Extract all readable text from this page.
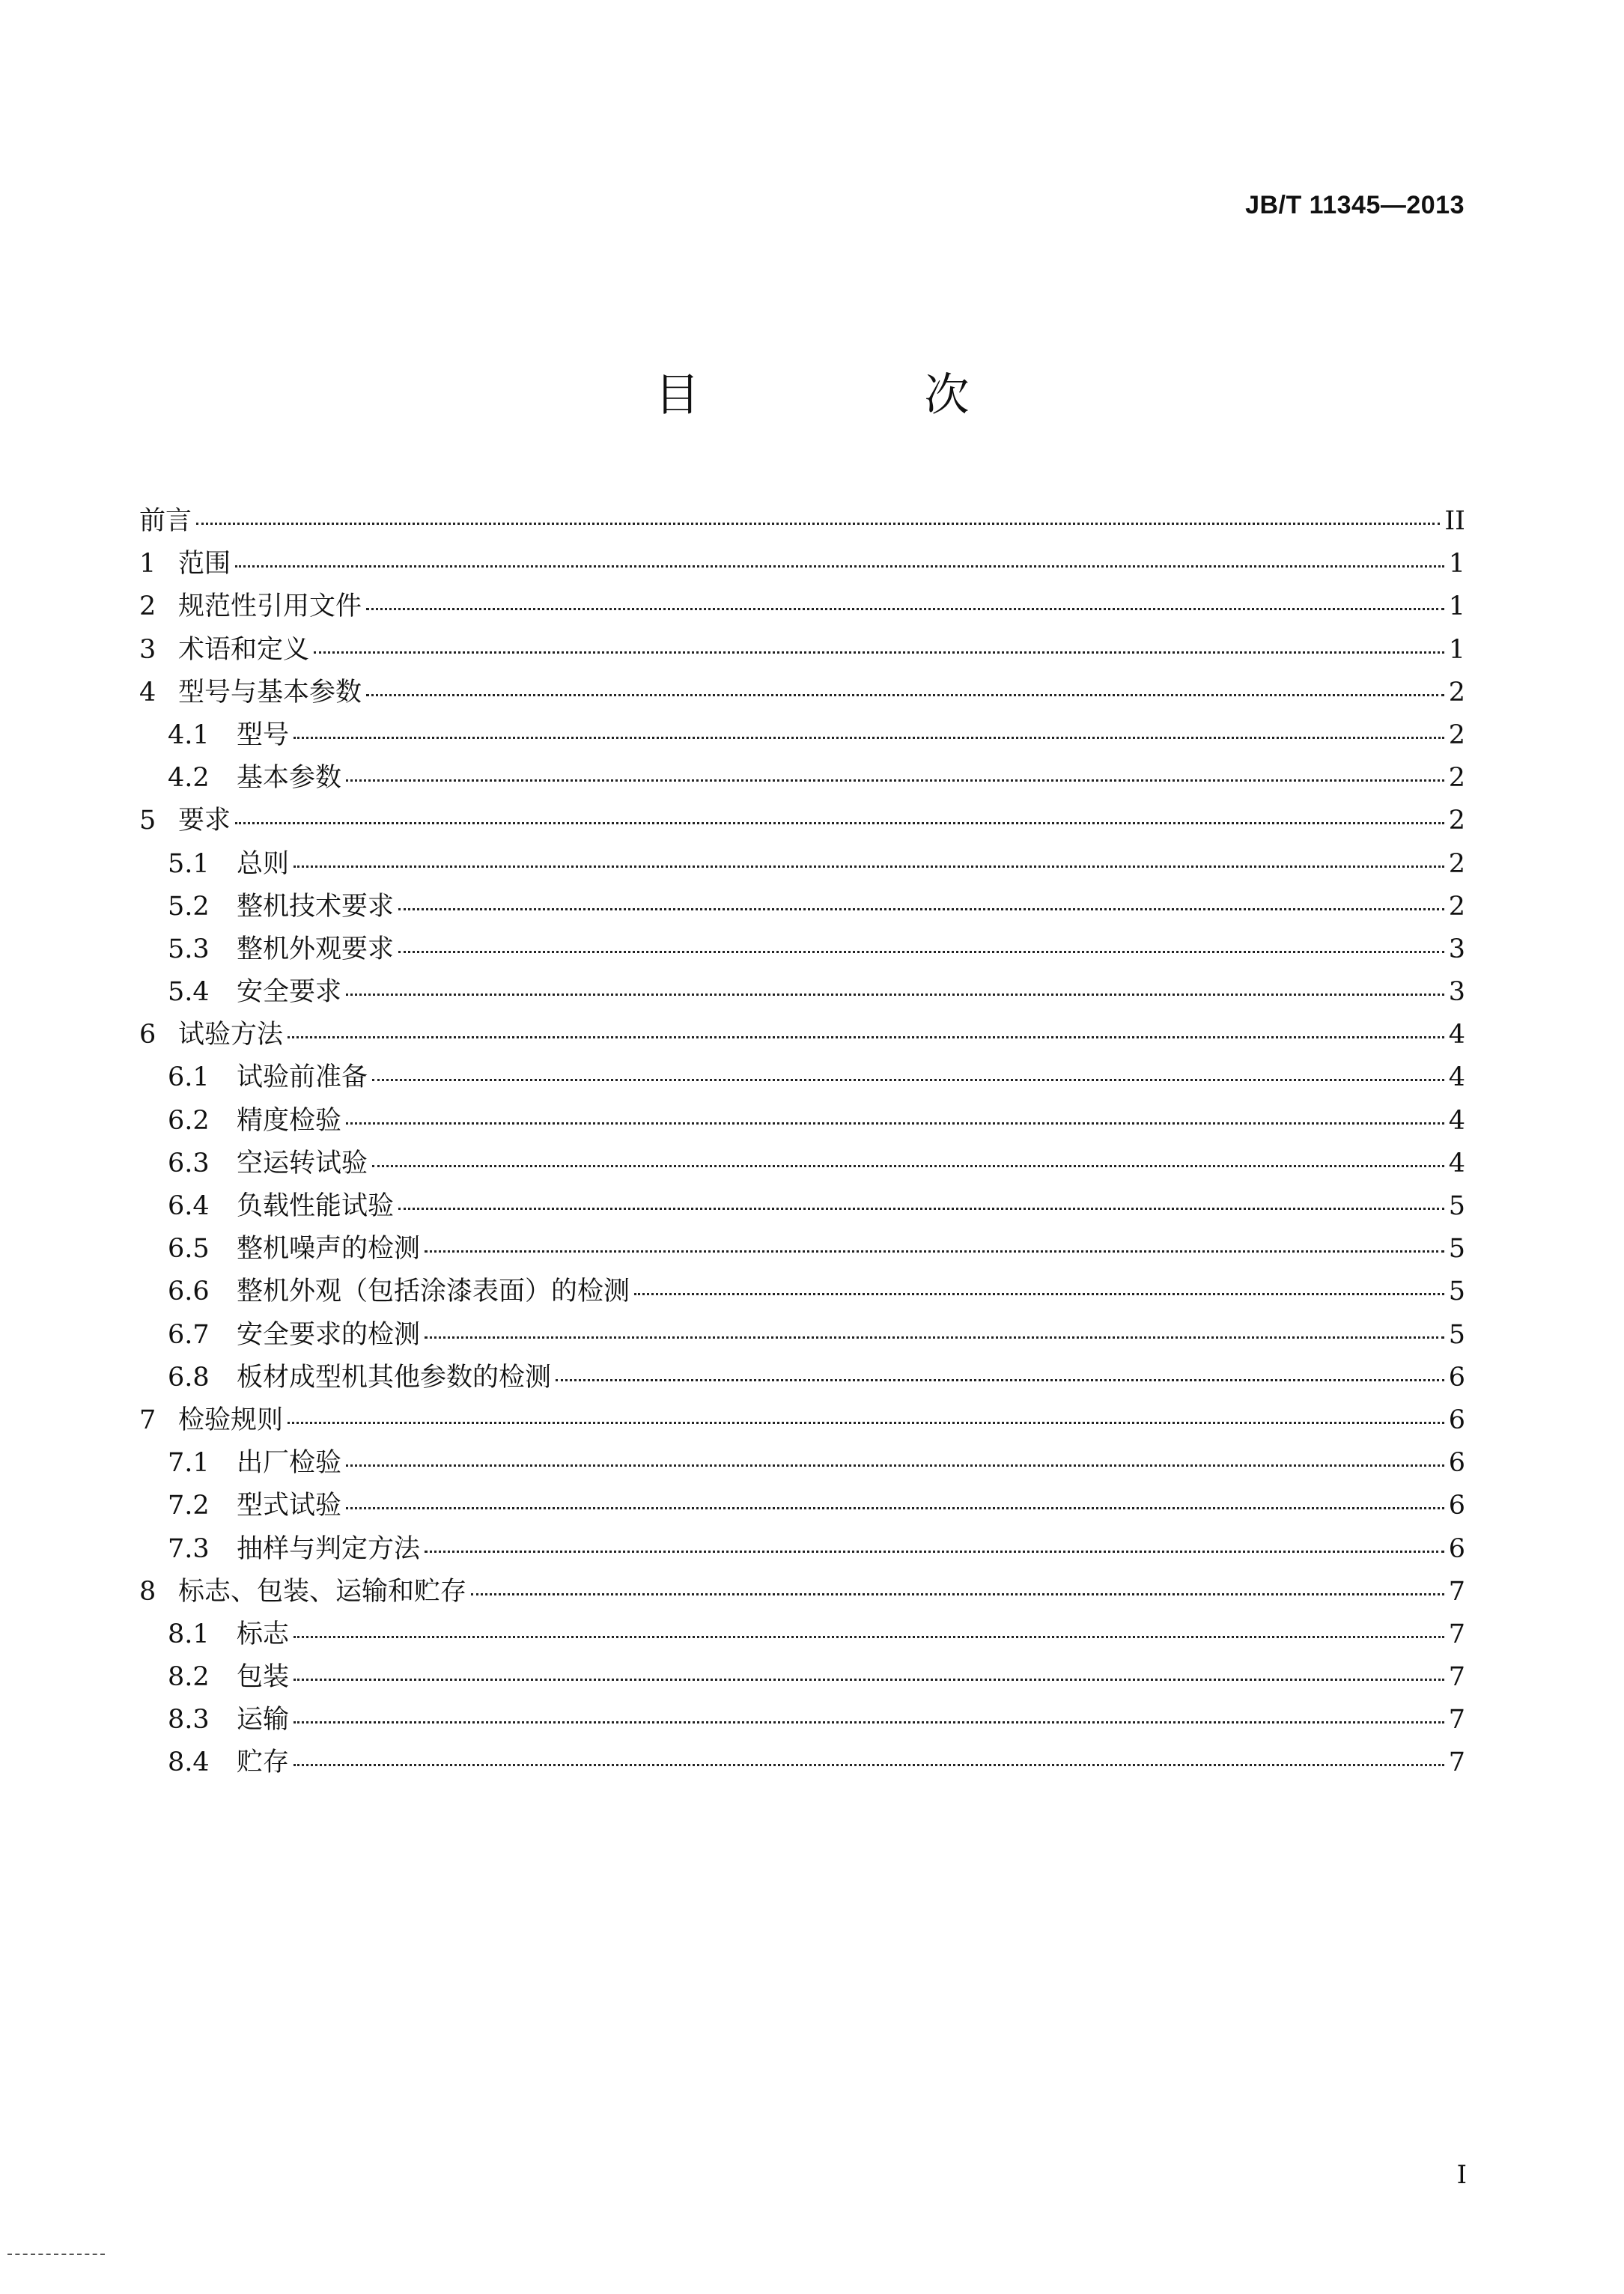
JB/T 11345—2013
目　次
前言	II
1 范围	1
2 规范性引用文件	1
3 术语和定义	1
4 型号与基本参数	2
4.1	型号	2
4.2	基本参数	2
5 要求	2
5.1	总则	2
5.2	整机技术要求	2
5.3	整机外观要求	3
5.4	安全要求	3
6 试验方法	4
6.1	试验前准备	4
6.2	精度检验	4
6.3	空运转试验	4
6.4	负载性能试验	5
6.5	整机噪声的检测	5
6.6	整机外观（包括涂漆表面）的检测	5
6.7	安全要求的检测	5
6.8	板材成型机其他参数的检测	6
7 检验规则	6
7.1	出厂检验	6
7.2	型式试验	6
7.3	抽样与判定方法	6
8 标志、包装、运输和贮存	7
8.1	标志	7
8.2	包装	7
8.3	运输	7
8.4	贮存	7
I
